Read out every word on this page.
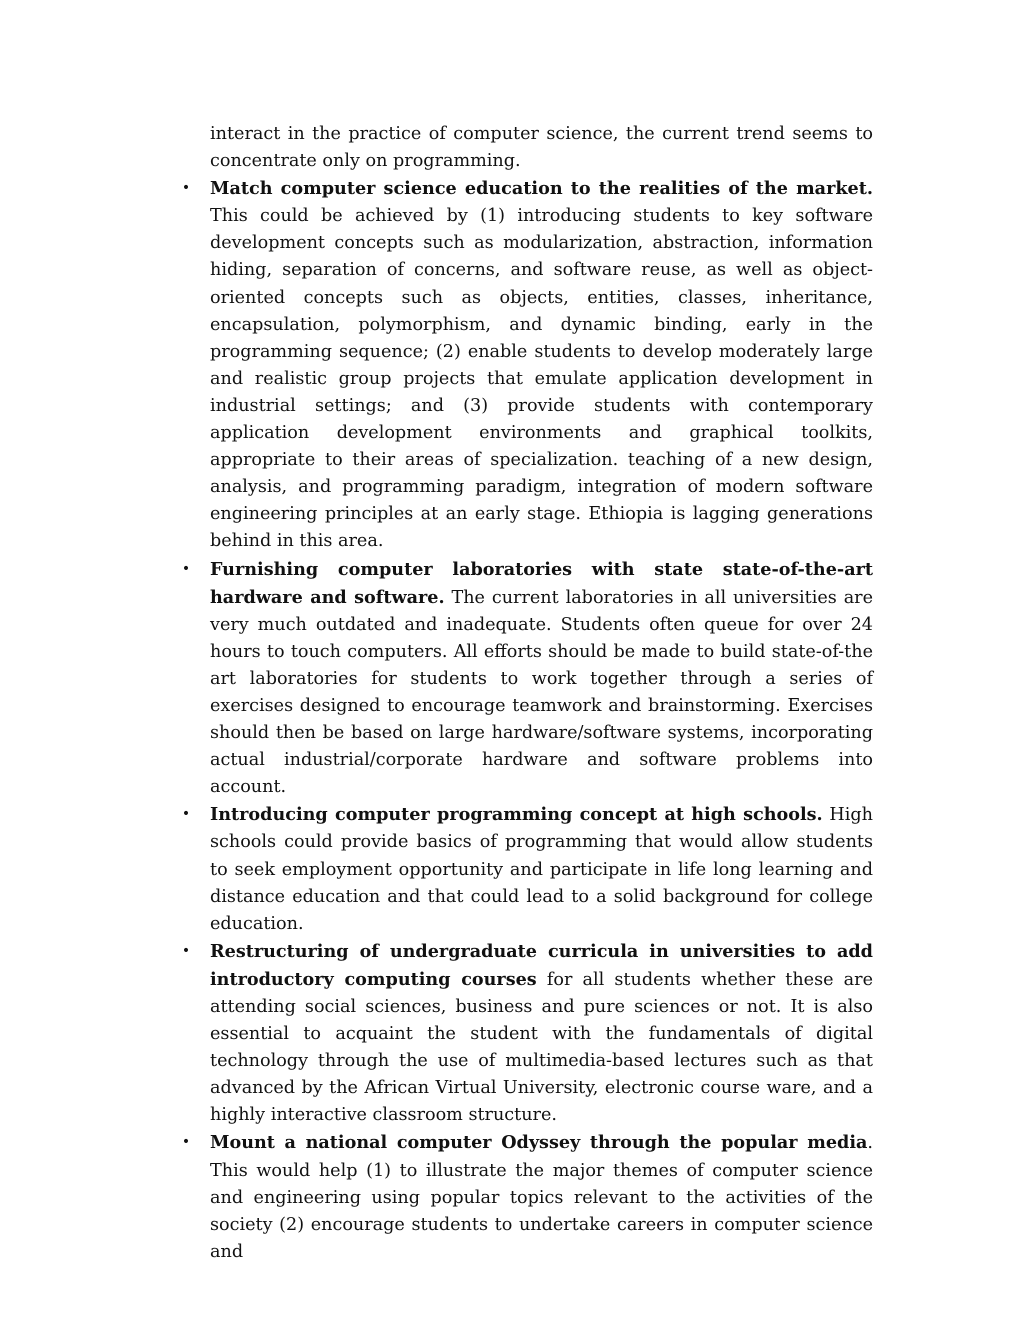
interact in the practice of computer science, the current trend seems to concentrate only on programming.

•	Match computer science education to the realities of the market. This could be achieved by (1) introducing students to key software development concepts such as modularization, abstraction, information hiding, separation of concerns, and software reuse, as well as object-oriented concepts such as objects, entities, classes, inheritance, encapsulation, polymorphism, and dynamic binding, early in the programming sequence; (2) enable students to develop moderately large and realistic group projects that emulate application development in industrial settings; and (3) provide students with contemporary application development environments and graphical toolkits, appropriate to their areas of specialization. teaching of a new design, analysis, and programming paradigm, integration of modern software engineering principles at an early stage. Ethiopia is lagging generations behind in this area.

•	Furnishing computer laboratories with state state-of-the-art hardware and software. The current laboratories in all universities are very much outdated and inadequate. Students often queue for over 24 hours to touch computers. All efforts should be made to build state-of-the art laboratories for students to work together through a series of exercises designed to encourage teamwork and brainstorming. Exercises should then be based on large hardware/software systems, incorporating actual industrial/corporate hardware and software problems into account.

•	Introducing computer programming concept at high schools. High schools could provide basics of programming that would allow students to seek employment opportunity and participate in life long learning and distance education and that could lead to a solid background for college education.

•	Restructuring of undergraduate curricula in universities to add introductory computing courses for all students whether these are attending social sciences, business and pure sciences or not. It is also essential to acquaint the student with the fundamentals of digital technology through the use of multimedia-based lectures such as that advanced by the African Virtual University, electronic course ware, and a highly interactive classroom structure.

•	Mount a national computer Odyssey through the popular media. This would help (1) to illustrate the major themes of computer science and engineering using popular topics relevant to the activities of the society (2) encourage students to undertake careers in computer science and
